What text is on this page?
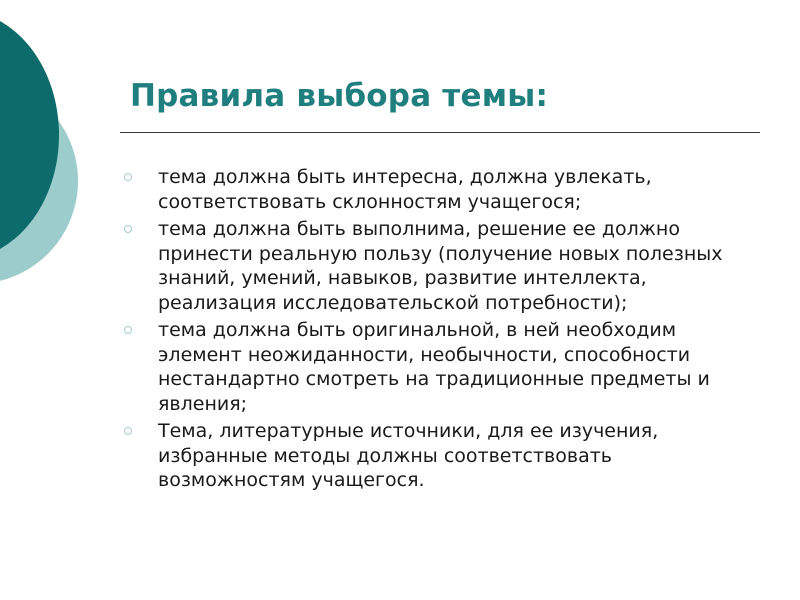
Правила выбора темы:
тема должна быть интересна, должна увлекать, соответствовать склонностям учащегося;
тема должна быть выполнима, решение ее должно принести реальную пользу (получение новых полезных знаний, умений, навыков, развитие интеллекта, реализация исследовательской потребности);
тема должна быть оригинальной, в ней необходим элемент неожиданности, необычности, способности нестандартно смотреть на традиционные предметы и явления;
Тема, литературные источники, для ее изучения, избранные методы должны соответствовать возможностям учащегося.
